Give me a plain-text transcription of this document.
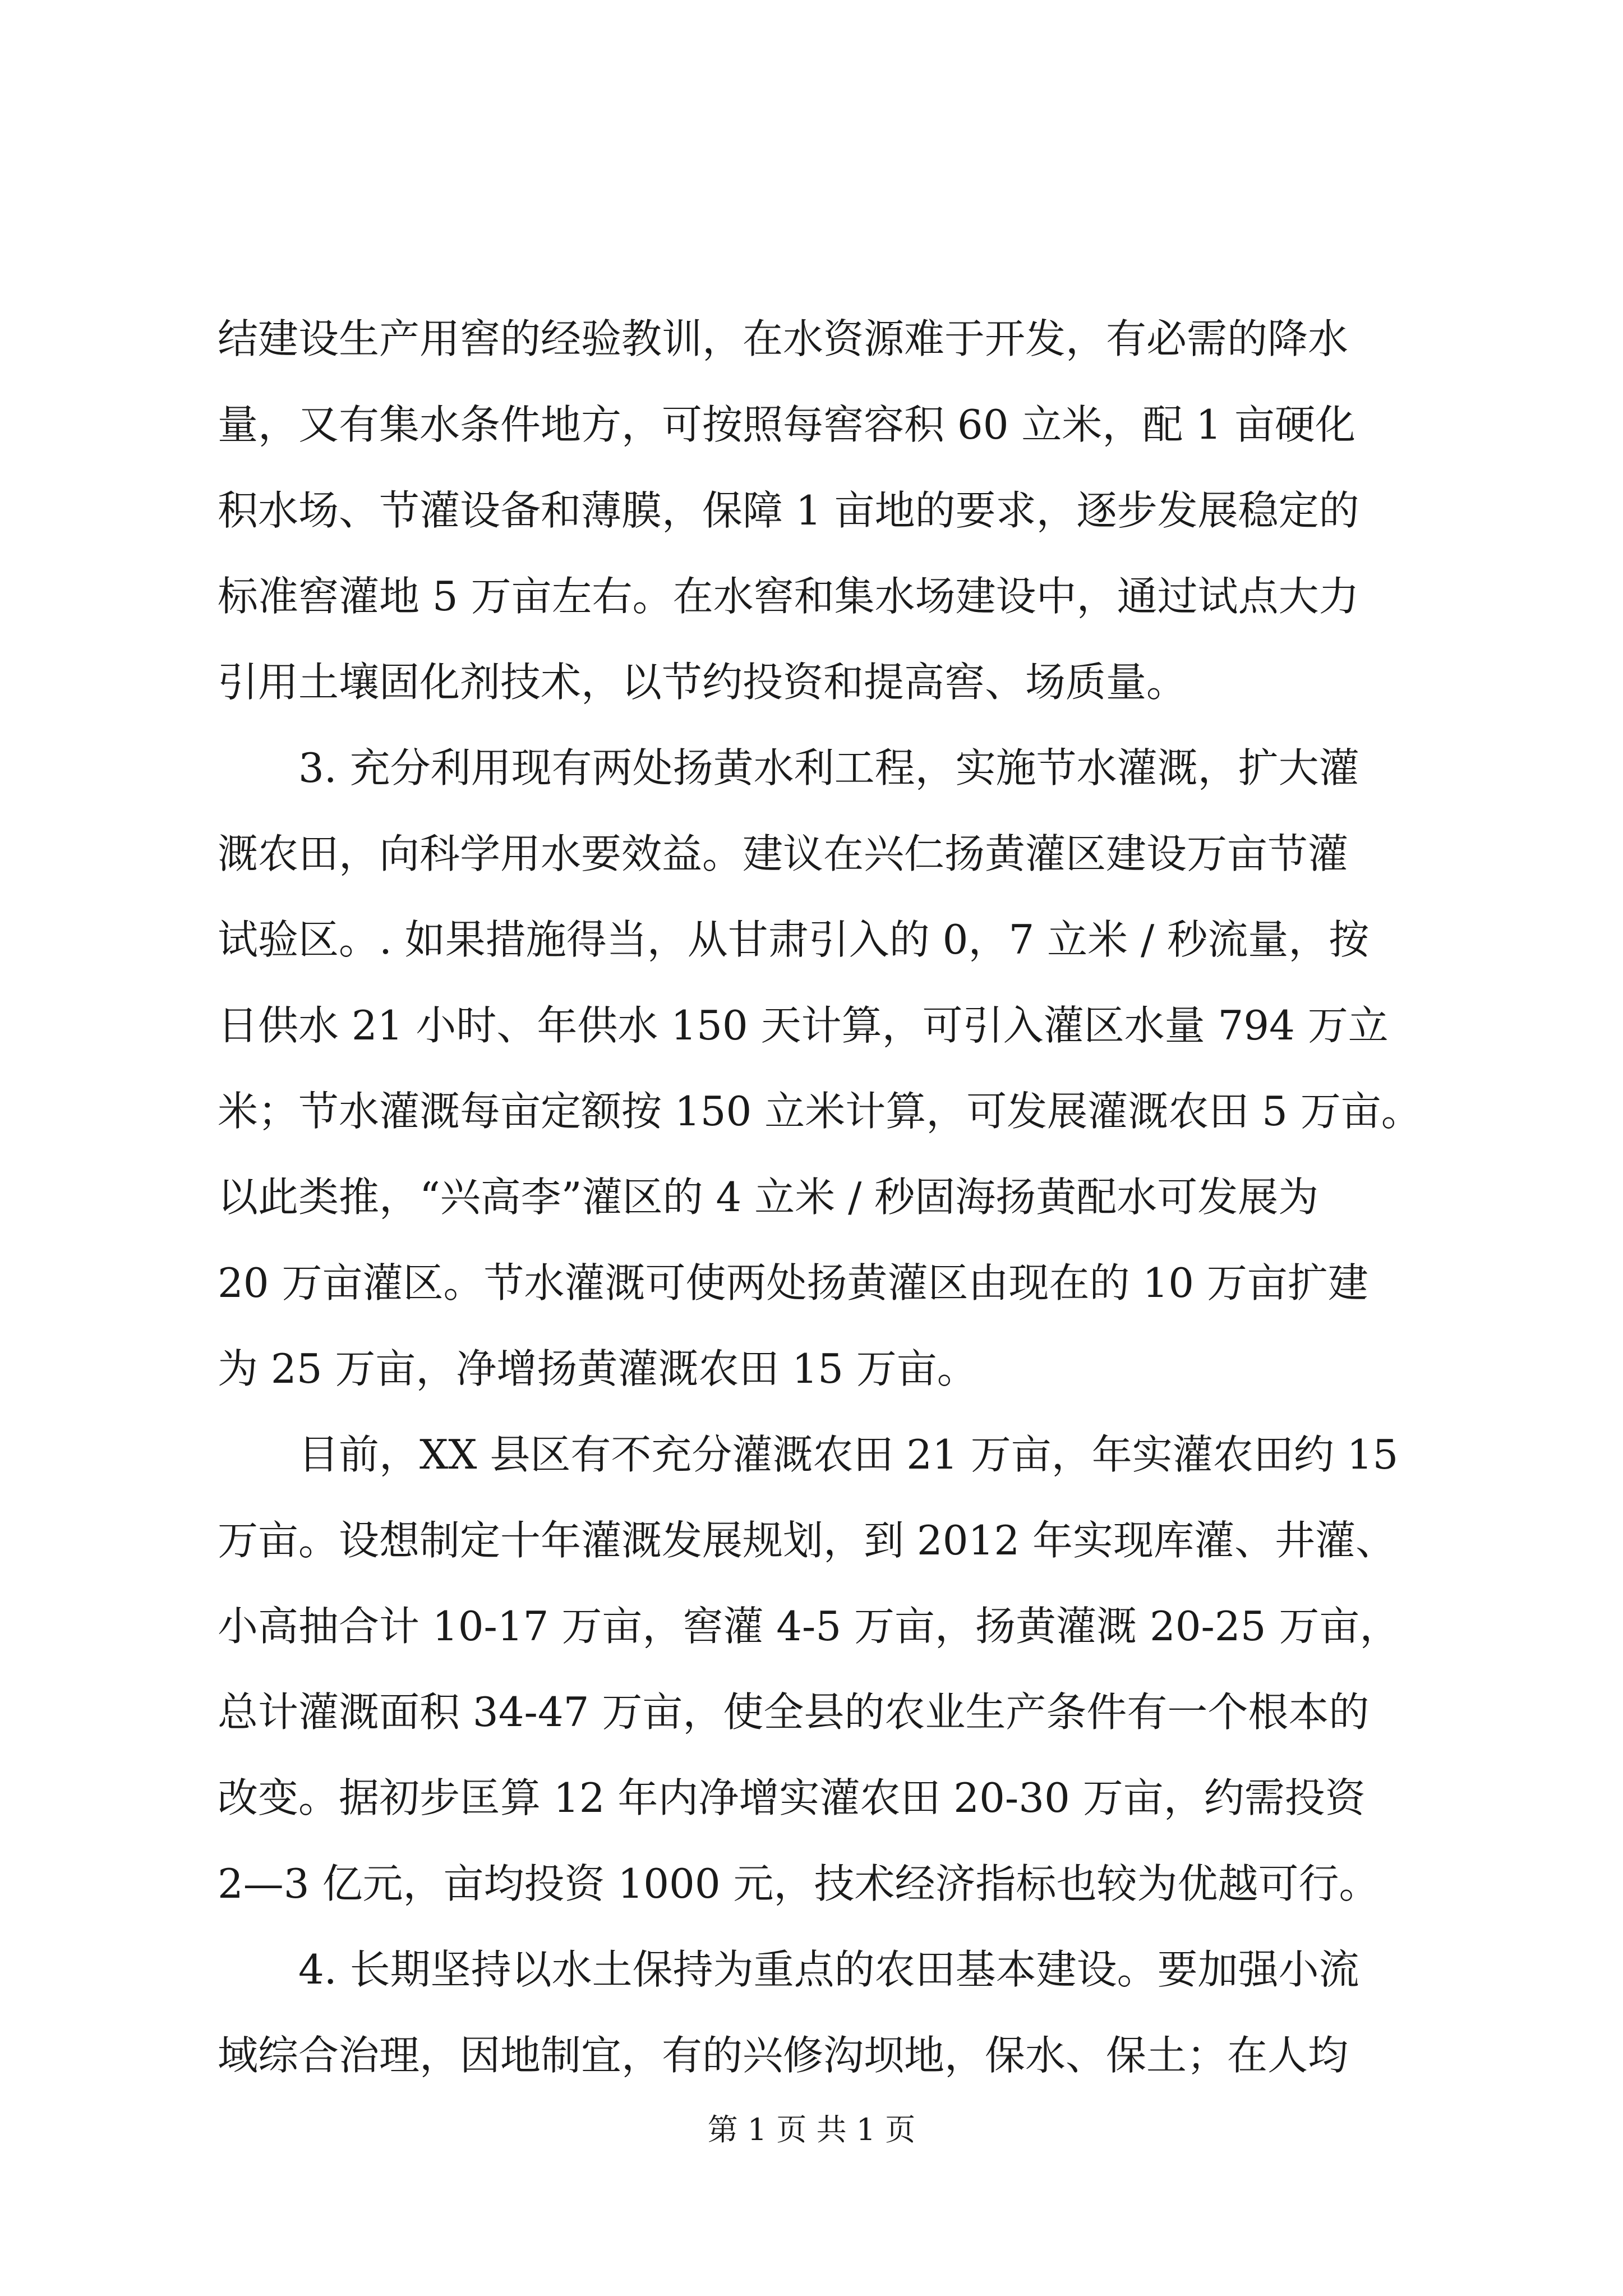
结建设生产用窖的经验教训，在水资源难于开发，有必需的降水
量，又有集水条件地方，可按照每窖容积 60 立米，配 1 亩硬化
积水场、节灌设备和薄膜，保障 1 亩地的要求，逐步发展稳定的
标准窖灌地 5 万亩左右。在水窖和集水场建设中，通过试点大力
引用土壤固化剂技术，以节约投资和提高窖、场质量。
3. 充分利用现有两处扬黄水利工程，实施节水灌溉，扩大灌
溉农田，向科学用水要效益。建议在兴仁扬黄灌区建设万亩节灌
试验区。. 如果措施得当，从甘肃引入的 0，7 立米 / 秒流量，按
日供水 21 小时、年供水 150 天计算，可引入灌区水量 794 万立
米；节水灌溉每亩定额按 150 立米计算，可发展灌溉农田 5 万亩。
以此类推，“兴高李”灌区的 4 立米 / 秒固海扬黄配水可发展为
20 万亩灌区。节水灌溉可使两处扬黄灌区由现在的 10 万亩扩建
为 25 万亩，净增扬黄灌溉农田 15 万亩。
目前，XX 县区有不充分灌溉农田 21 万亩，年实灌农田约 15
万亩。设想制定十年灌溉发展规划，到 2012 年实现库灌、井灌、
小高抽合计 10-17 万亩，窖灌 4-5 万亩，扬黄灌溉 20-25 万亩，
总计灌溉面积 34-47 万亩，使全县的农业生产条件有一个根本的
改变。据初步匡算 12 年内净增实灌农田 20-30 万亩，约需投资
2—3 亿元，亩均投资 1000 元，技术经济指标也较为优越可行。
4. 长期坚持以水土保持为重点的农田基本建设。要加强小流
域综合治理，因地制宜，有的兴修沟坝地，保水、保土；在人均
第 1 页 共 1 页
